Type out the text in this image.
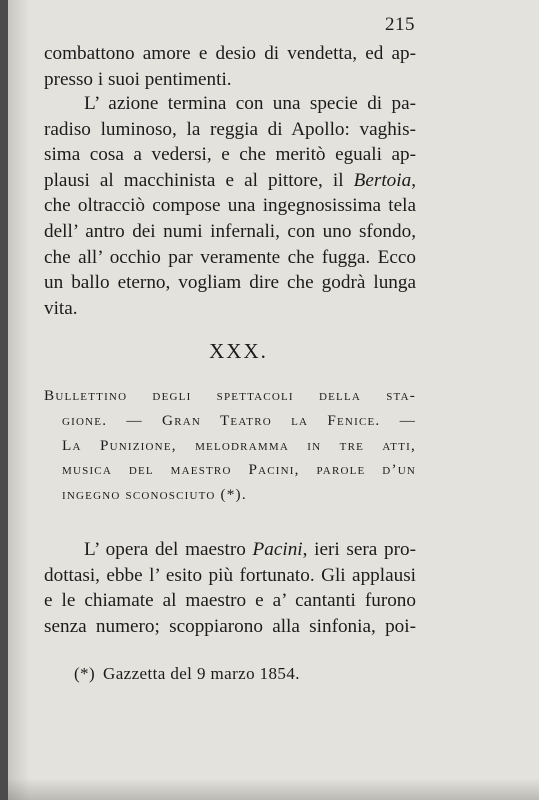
215
combattono amore e desio di vendetta, ed ap-
presso i suoi pentimenti.
L’ azione termina con una specie di pa-
radiso luminoso, la reggia di Apollo: vaghis-
sima cosa a vedersi, e che meritò eguali ap-
plausi al macchinista e al pittore, il Bertoia,
che oltracciò compose una ingegnosissima tela
dell’ antro dei numi infernali, con uno sfondo,
che all’ occhio par veramente che fugga. Ecco
un ballo eterno, vogliam dire che godrà lunga
vita.
XXX.
Bullettino degli spettacoli della sta-
gione. — Gran Teatro la Fenice. —
La Punizione, melodramma in tre atti,
musica del maestro Pacini, parole d’un
ingegno sconosciuto (*).
L’ opera del maestro Pacini, ieri sera pro-
dottasi, ebbe l’ esito più fortunato. Gli applausi
e le chiamate al maestro e a’ cantanti furono
senza numero; scoppiarono alla sinfonia, poi-
(*) Gazzetta del 9 marzo 1854.
